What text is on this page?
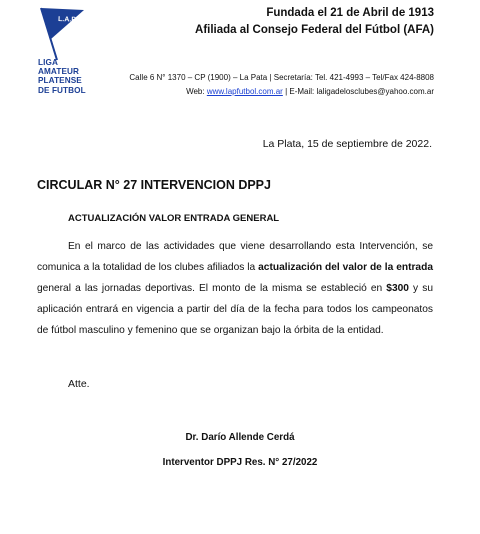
L.A.P.
LIGA
AMATEUR
PLATENSE
DE FUTBOL
Fundada el 21 de Abril de 1913
Afiliada al Consejo Federal del Fútbol (AFA)
Calle 6 N° 1370 – CP (1900) – La Pata | Secretaría: Tel. 421-4993 – Tel/Fax 424-8808
Web: www.lapfutbol.com.ar | E-Mail: laligadelosclubes@yahoo.com.ar
La Plata, 15 de septiembre de 2022.
CIRCULAR N° 27 INTERVENCION DPPJ
ACTUALIZACIÓN VALOR ENTRADA GENERAL
En el marco de las actividades que viene desarrollando esta Intervención, se comunica a la totalidad de los clubes afiliados la actualización del valor de la entrada general a las jornadas deportivas. El monto de la misma se estableció en $300 y su aplicación entrará en vigencia a partir del día de la fecha para todos los campeonatos de fútbol masculino y femenino que se organizan bajo la órbita de la entidad.
Atte.
Dr. Darío Allende Cerdá
Interventor DPPJ Res. N° 27/2022
